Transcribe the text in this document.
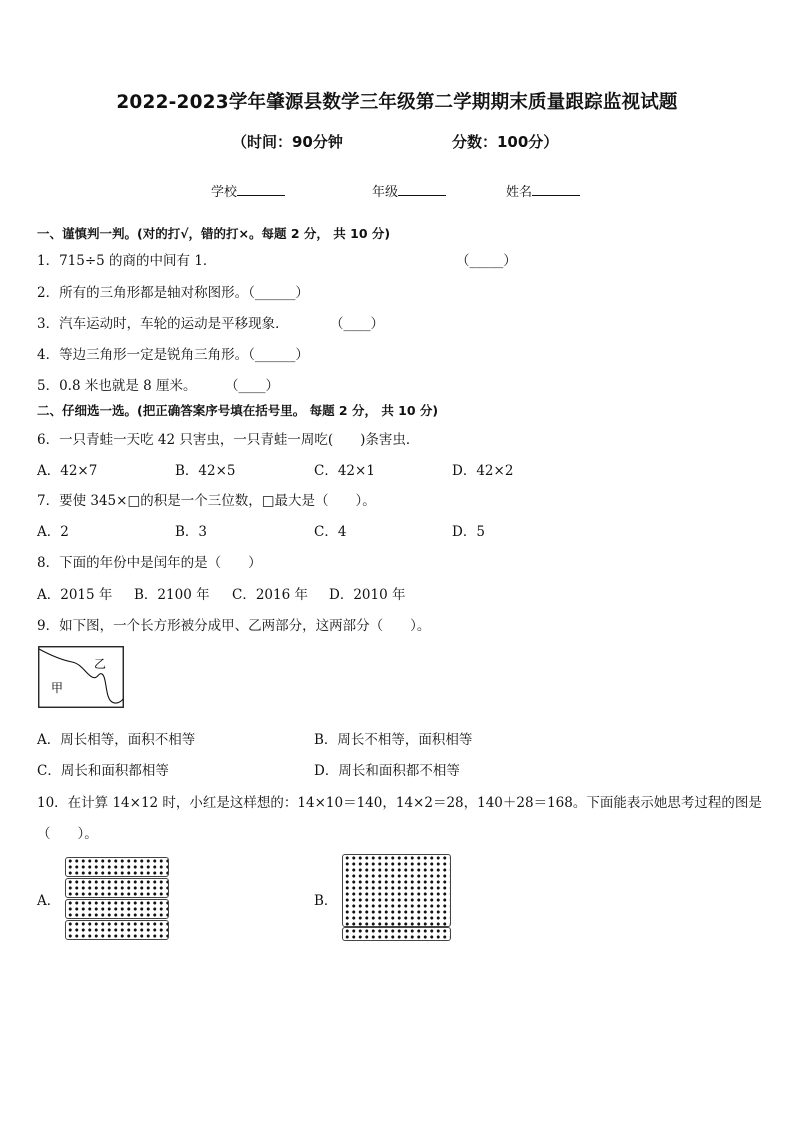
2022-2023学年肇源县数学三年级第二学期期末质量跟踪监视试题
（时间：90分钟	分数：100分）
学校	年级	姓名
一、谨慎判一判。(对的打√，错的打×。每题 2 分， 共 10 分)
1．715÷5 的商的中间有 1．	（_____）
2．所有的三角形都是轴对称图形。（______）
3．汽车运动时，车轮的运动是平移现象．	（____）
4．等边三角形一定是锐角三角形。（______）
5．0.8 米也就是 8 厘米。 （____）
二、仔细选一选。(把正确答案序号填在括号里。 每题 2 分， 共 10 分)
6．一只青蛙一天吃 42 只害虫，一只青蛙一周吃(　　)条害虫．
A．42×7	B．42×5	C．42×1	D．42×2
7．要使 345×□的积是一个三位数，□最大是（　　）。
A．2	B．3	C．4	D．5
8．下面的年份中是闰年的是（　　）
A．2015 年 B．2100 年 C．2016 年 D．2010 年
9．如下图，一个长方形被分成甲、乙两部分，这两部分（　　）。
甲
乙
A．周长相等，面积不相等	B．周长不相等，面积相等
C．周长和面积都相等	D．周长和面积都不相等
10．在计算 14×12 时，小红是这样想的：14×10＝140，14×2＝28，140＋28＝168。下面能表示她思考过程的图是
（　　）。
A．	B．
